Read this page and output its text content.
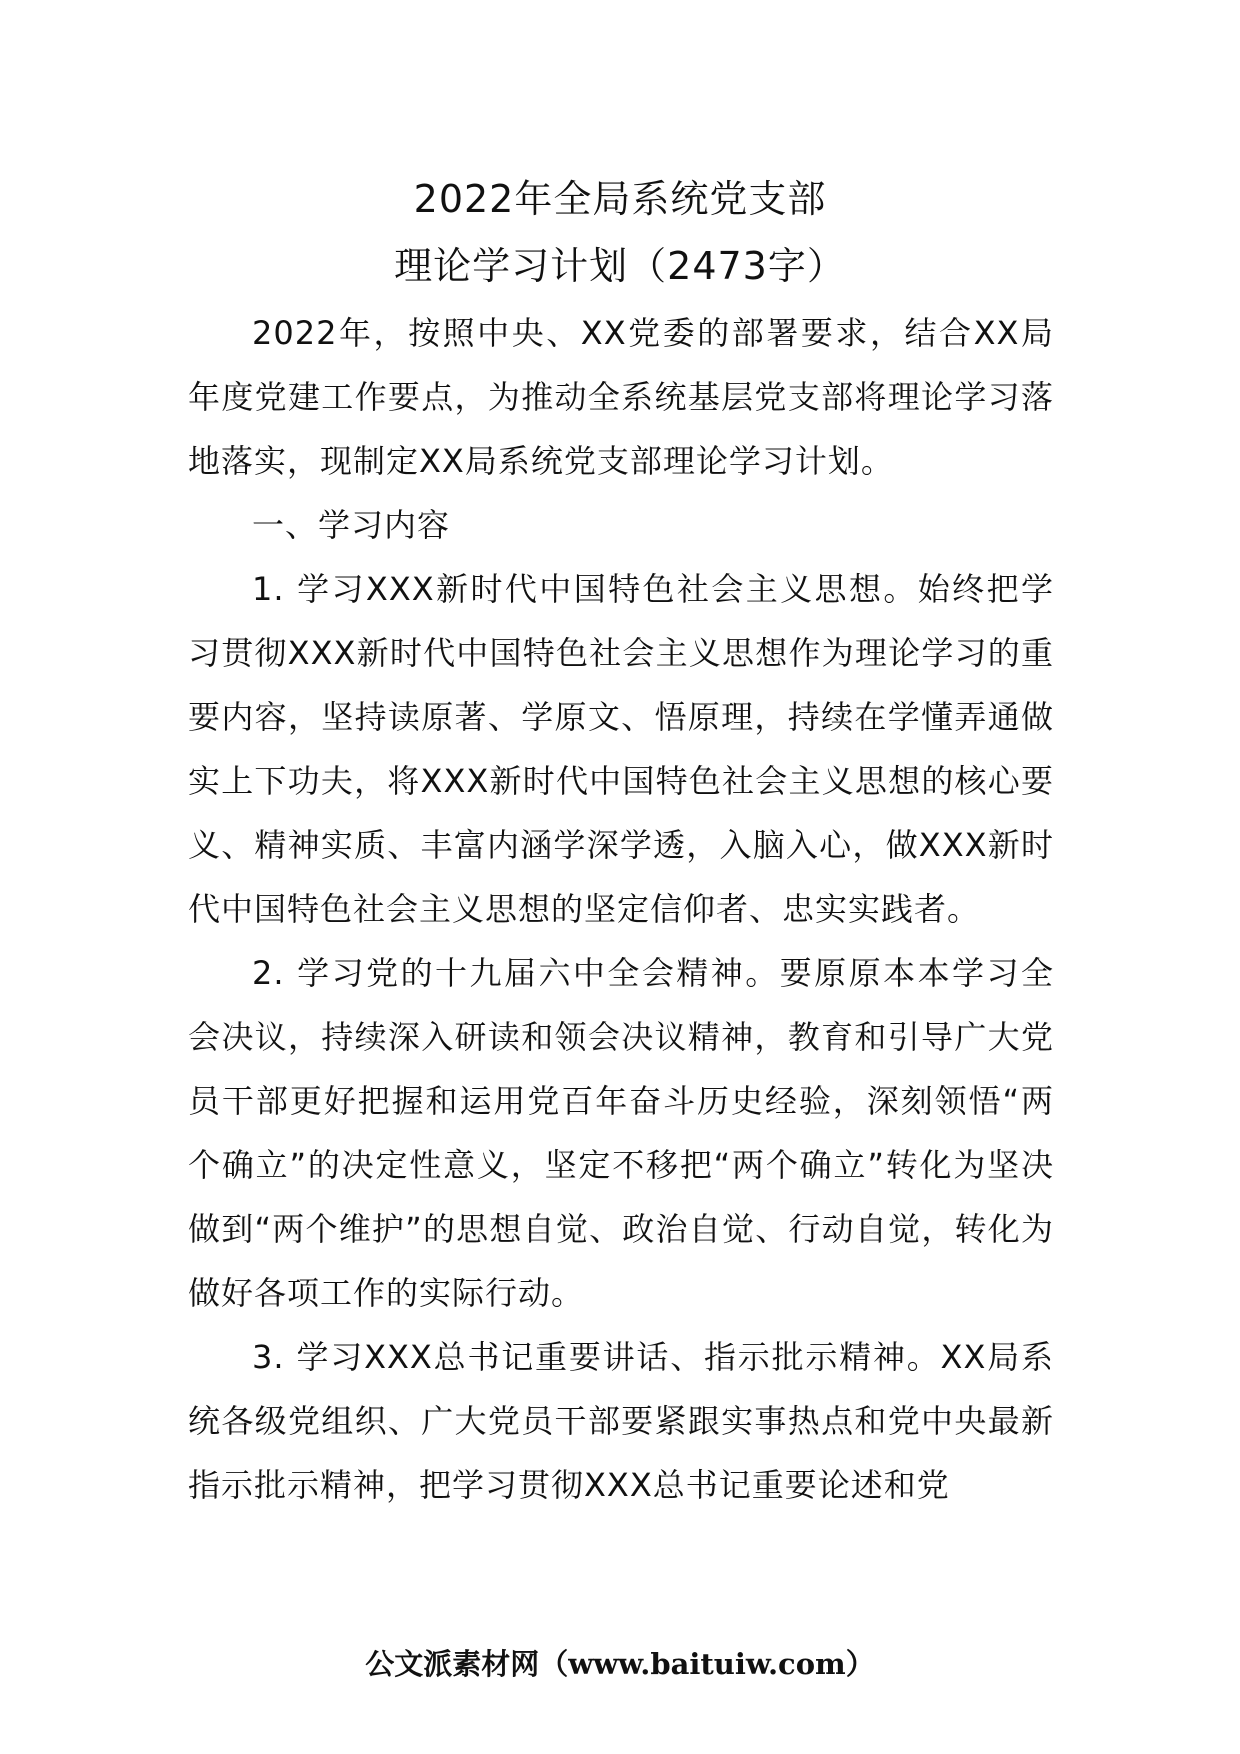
2022年全局系统党支部
理论学习计划（2473字）

2022年，按照中央、XX党委的部署要求，结合XX局年度党建工作要点，为推动全系统基层党支部将理论学习落地落实，现制定XX局系统党支部理论学习计划。

一、学习内容

1. 学习XXX新时代中国特色社会主义思想。始终把学习贯彻XXX新时代中国特色社会主义思想作为理论学习的重要内容，坚持读原著、学原文、悟原理，持续在学懂弄通做实上下功夫，将XXX新时代中国特色社会主义思想的核心要义、精神实质、丰富内涵学深学透，入脑入心，做XXX新时代中国特色社会主义思想的坚定信仰者、忠实实践者。

2. 学习党的十九届六中全会精神。要原原本本学习全会决议，持续深入研读和领会决议精神，教育和引导广大党员干部更好把握和运用党百年奋斗历史经验，深刻领悟“两个确立”的决定性意义，坚定不移把“两个确立”转化为坚决做到“两个维护”的思想自觉、政治自觉、行动自觉，转化为做好各项工作的实际行动。

3. 学习XXX总书记重要讲话、指示批示精神。XX局系统各级党组织、广大党员干部要紧跟实事热点和党中央最新指示批示精神，把学习贯彻XXX总书记重要论述和党

公文派素材网（www.baituiw.com）
